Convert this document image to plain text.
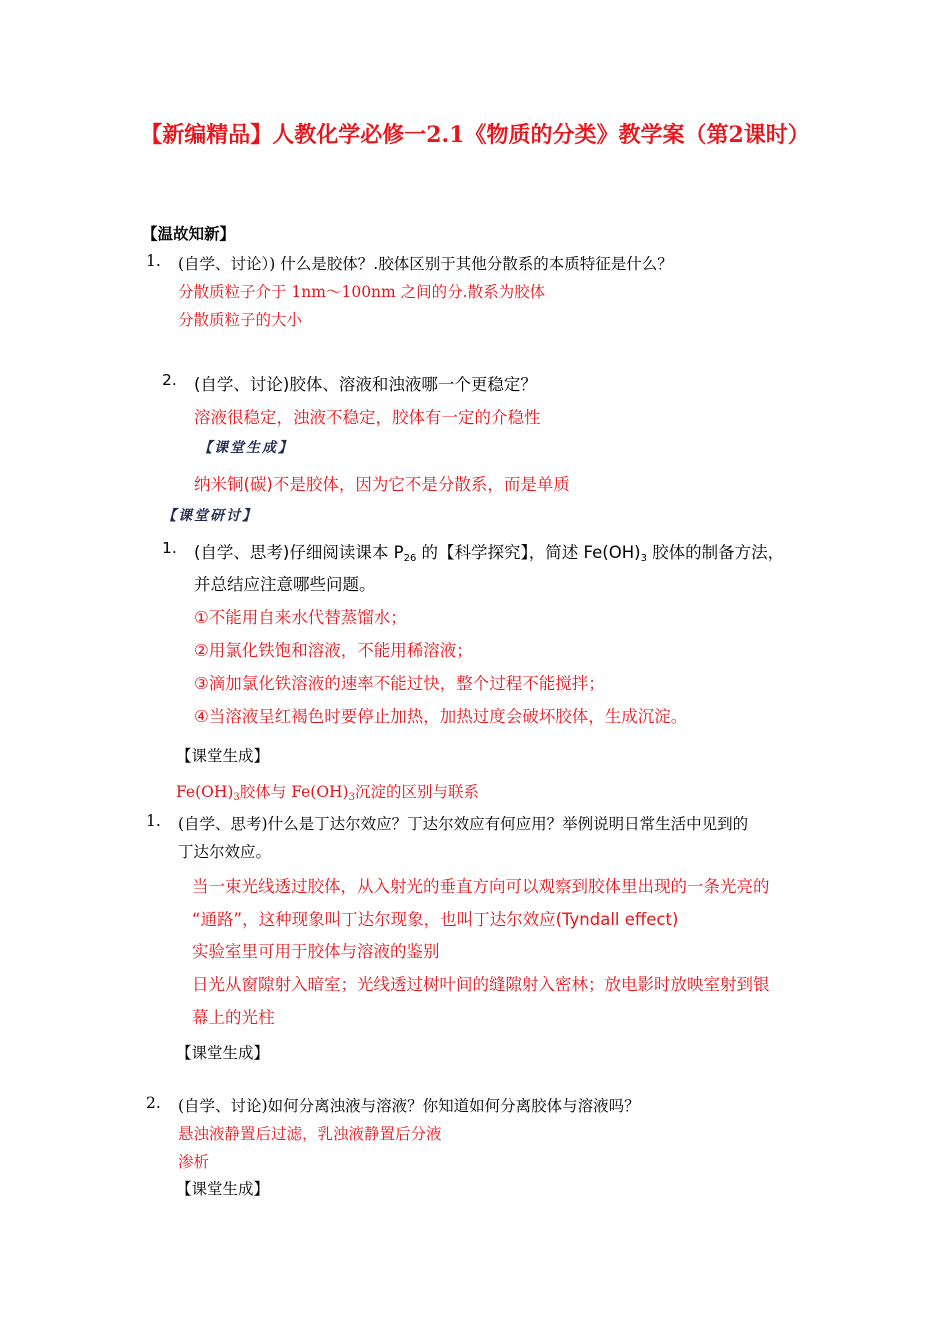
【新编精品】人教化学必修一2.1《物质的分类》教学案（第2课时）
【温故知新】
1. (自学、讨论）) 什么是胶体？.胶体区别于其他分散系的本质特征是什么？
分散质粒子介于 1nm～100nm 之间的分.散系为胶体
分散质粒子的大小
2. (自学、讨论)胶体、溶液和浊液哪一个更稳定？
溶液很稳定，浊液不稳定，胶体有一定的介稳性
【课堂生成】
纳米铜(碳)不是胶体，因为它不是分散系，而是单质
【课堂研讨】
1. (自学、思考)仔细阅读课本 $P_{26}$ 的【科学探究】，简述 $Fe(OH)_3$ 胶体的制备方法，
并总结应注意哪些问题。
①不能用自来水代替蒸馏水；
②用氯化铁饱和溶液，不能用稀溶液；
③滴加氯化铁溶液的速率不能过快，整个过程不能搅拌；
④当溶液呈红褐色时要停止加热，加热过度会破坏胶体，生成沉淀。
【课堂生成】
$Fe(OH)_3$胶体与 $Fe(OH)_3$沉淀的区别与联系
1. (自学、思考)什么是丁达尔效应？丁达尔效应有何应用？举例说明日常生活中见到的
丁达尔效应。
当一束光线透过胶体，从入射光的垂直方向可以观察到胶体里出现的一条光亮的
“通路”，这种现象叫丁达尔现象，也叫丁达尔效应(Tyndall effect)
实验室里可用于胶体与溶液的鉴别
日光从窗隙射入暗室；光线透过树叶间的缝隙射入密林；放电影时放映室射到银
幕上的光柱
【课堂生成】
2. (自学、讨论)如何分离浊液与溶液？你知道如何分离胶体与溶液吗？
悬浊液静置后过滤，乳浊液静置后分液
渗析
【课堂生成】
